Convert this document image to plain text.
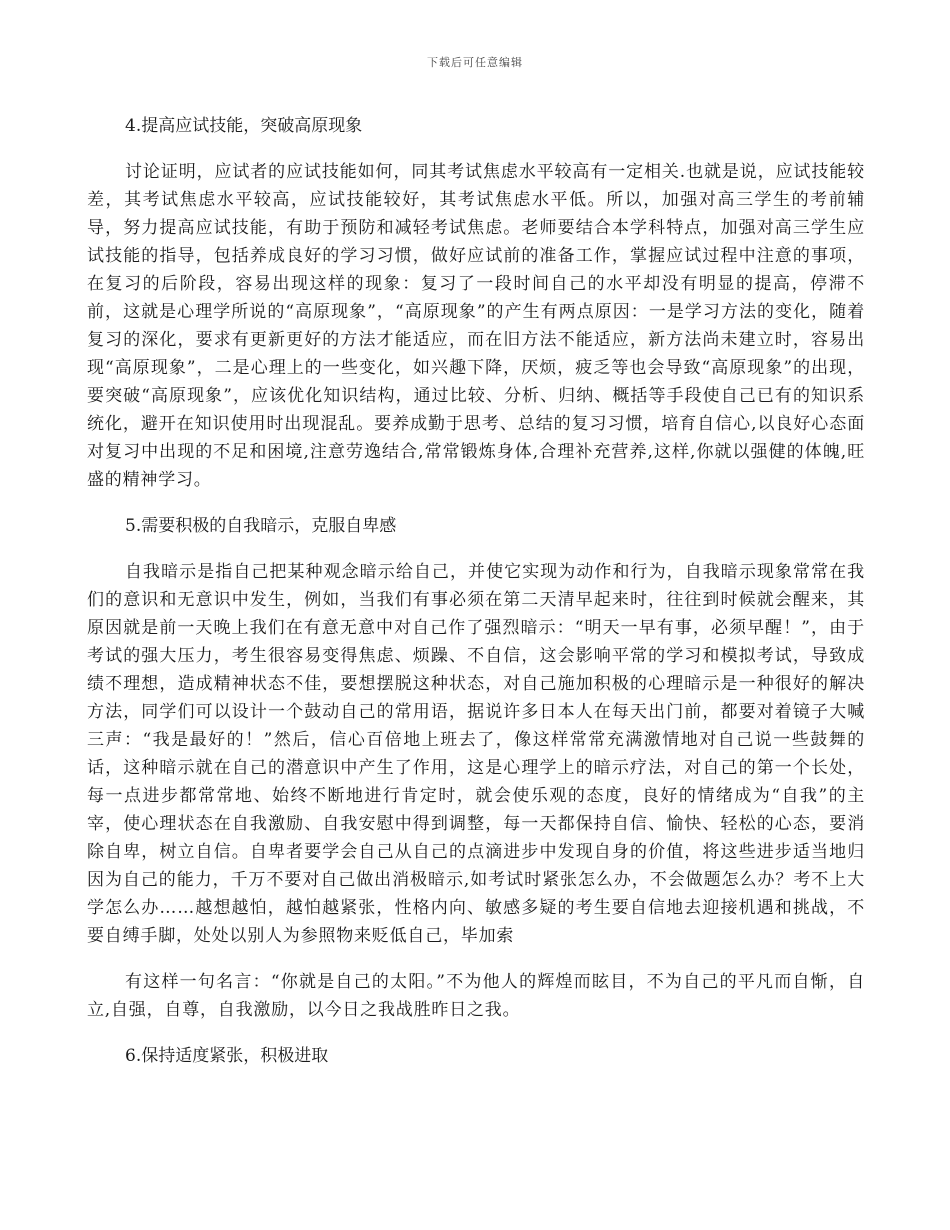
下载后可任意编辑
4.提高应试技能，突破高原现象

讨论证明，应试者的应试技能如何，同其考试焦虑水平较高有一定相关.也就是说，应试技能较差，其考试焦虑水平较高，应试技能较好，其考试焦虑水平低。所以，加强对高三学生的考前辅导，努力提高应试技能，有助于预防和减轻考试焦虑。老师要结合本学科特点，加强对高三学生应试技能的指导，包括养成良好的学习习惯，做好应试前的准备工作，掌握应试过程中注意的事项，在复习的后阶段，容易出现这样的现象：复习了一段时间自己的水平却没有明显的提高，停滞不前，这就是心理学所说的“高原现象”，“高原现象”的产生有两点原因：一是学习方法的变化，随着复习的深化，要求有更新更好的方法才能适应，而在旧方法不能适应，新方法尚未建立时，容易出现“高原现象”，二是心理上的一些变化，如兴趣下降，厌烦，疲乏等也会导致“高原现象”的出现，要突破“高原现象”，应该优化知识结构，通过比较、分析、归纳、概括等手段使自己已有的知识系统化，避开在知识使用时出现混乱。要养成勤于思考、总结的复习习惯，培育自信心,以良好心态面对复习中出现的不足和困境,注意劳逸结合,常常锻炼身体,合理补充营养,这样,你就以强健的体魄,旺盛的精神学习。

5.需要积极的自我暗示，克服自卑感

自我暗示是指自己把某种观念暗示给自己，并使它实现为动作和行为，自我暗示现象常常在我们的意识和无意识中发生，例如，当我们有事必须在第二天清早起来时，往往到时候就会醒来，其原因就是前一天晚上我们在有意无意中对自己作了强烈暗示：“明天一早有事，必须早醒！”，由于考试的强大压力，考生很容易变得焦虑、烦躁、不自信，这会影响平常的学习和模拟考试，导致成绩不理想，造成精神状态不佳，要想摆脱这种状态，对自己施加积极的心理暗示是一种很好的解决方法，同学们可以设计一个鼓动自己的常用语，据说许多日本人在每天出门前，都要对着镜子大喊三声：“我是最好的！”然后，信心百倍地上班去了，像这样常常充满激情地对自己说一些鼓舞的话，这种暗示就在自己的潜意识中产生了作用，这是心理学上的暗示疗法，对自己的第一个长处，每一点进步都常常地、始终不断地进行肯定时，就会使乐观的态度，良好的情绪成为“自我”的主宰，使心理状态在自我激励、自我安慰中得到调整，每一天都保持自信、愉快、轻松的心态，要消除自卑，树立自信。自卑者要学会自己从自己的点滴进步中发现自身的价值，将这些进步适当地归因为自己的能力，千万不要对自己做出消极暗示,如考试时紧张怎么办，不会做题怎么办？考不上大学怎么办……越想越怕，越怕越紧张，性格内向、敏感多疑的考生要自信地去迎接机遇和挑战，不要自缚手脚，处处以别人为参照物来贬低自己，毕加索

有这样一句名言：“你就是自己的太阳。”不为他人的辉煌而眩目，不为自己的平凡而自惭，自立,自强，自尊，自我激励，以今日之我战胜昨日之我。

6.保持适度紧张，积极进取
